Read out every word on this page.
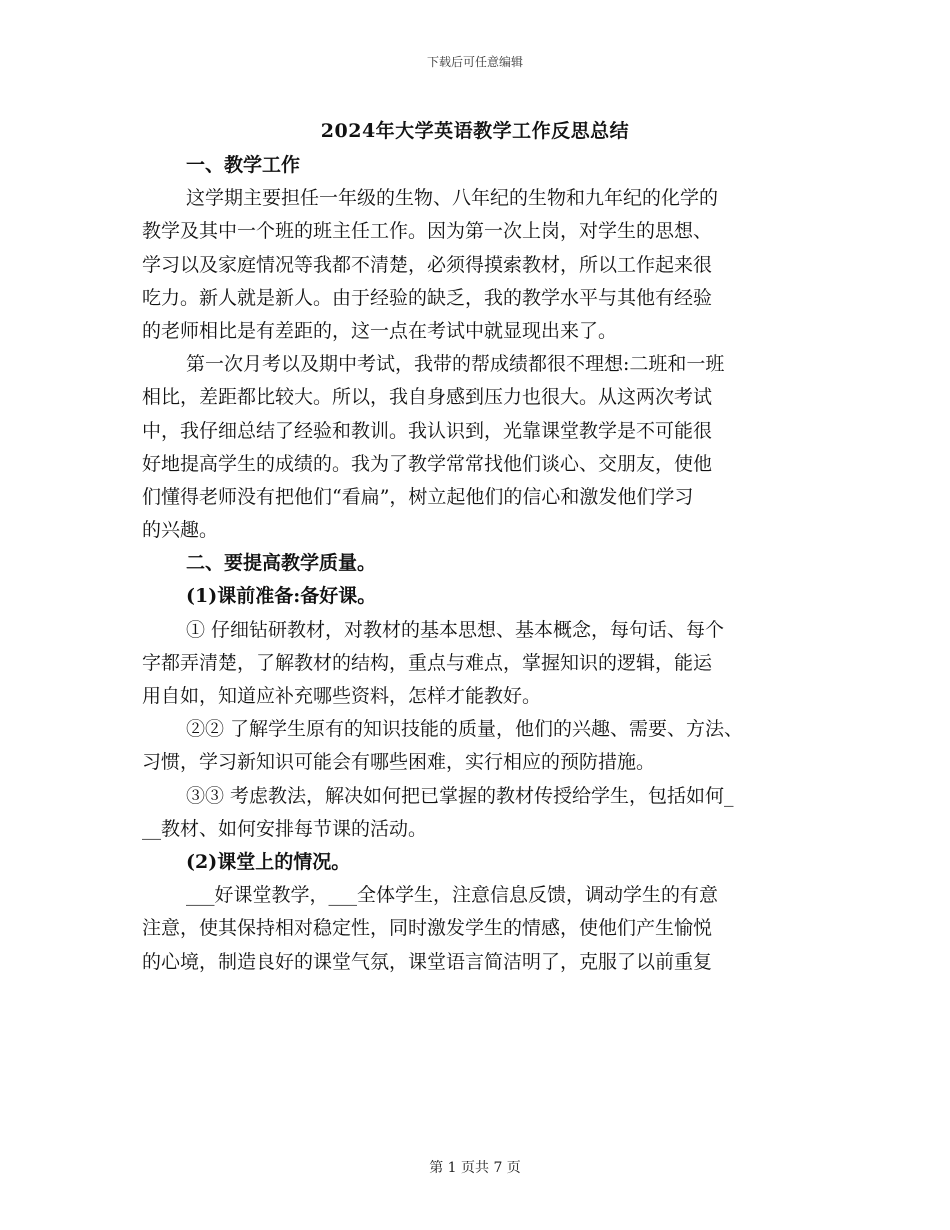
下载后可任意编辑
2024年大学英语教学工作反思总结
一、教学工作
这学期主要担任一年级的生物、八年纪的生物和九年纪的化学的
教学及其中一个班的班主任工作。因为第一次上岗，对学生的思想、
学习以及家庭情况等我都不清楚，必须得摸索教材，所以工作起来很
吃力。新人就是新人。由于经验的缺乏，我的教学水平与其他有经验
的老师相比是有差距的，这一点在考试中就显现出来了。
第一次月考以及期中考试，我带的帮成绩都很不理想:二班和一班
相比，差距都比较大。所以，我自身感到压力也很大。从这两次考试
中，我仔细总结了经验和教训。我认识到，光靠课堂教学是不可能很
好地提高学生的成绩的。我为了教学常常找他们谈心、交朋友，使他
们懂得老师没有把他们“看扁”，树立起他们的信心和激发他们学习
的兴趣。
二、要提高教学质量。
(1)课前准备:备好课。
① 仔细钻研教材，对教材的基本思想、基本概念，每句话、每个
字都弄清楚，了解教材的结构，重点与难点，掌握知识的逻辑，能运
用自如，知道应补充哪些资料，怎样才能教好。
②② 了解学生原有的知识技能的质量，他们的兴趣、需要、方法、
习惯，学习新知识可能会有哪些困难，实行相应的预防措施。
③③ 考虑教法，解决如何把已掌握的教材传授给学生，包括如何_
__教材、如何安排每节课的活动。
(2)课堂上的情况。
___好课堂教学，___全体学生，注意信息反馈，调动学生的有意
注意，使其保持相对稳定性，同时激发学生的情感，使他们产生愉悦
的心境，制造良好的课堂气氛，课堂语言简洁明了，克服了以前重复
第 1 页共 7 页
